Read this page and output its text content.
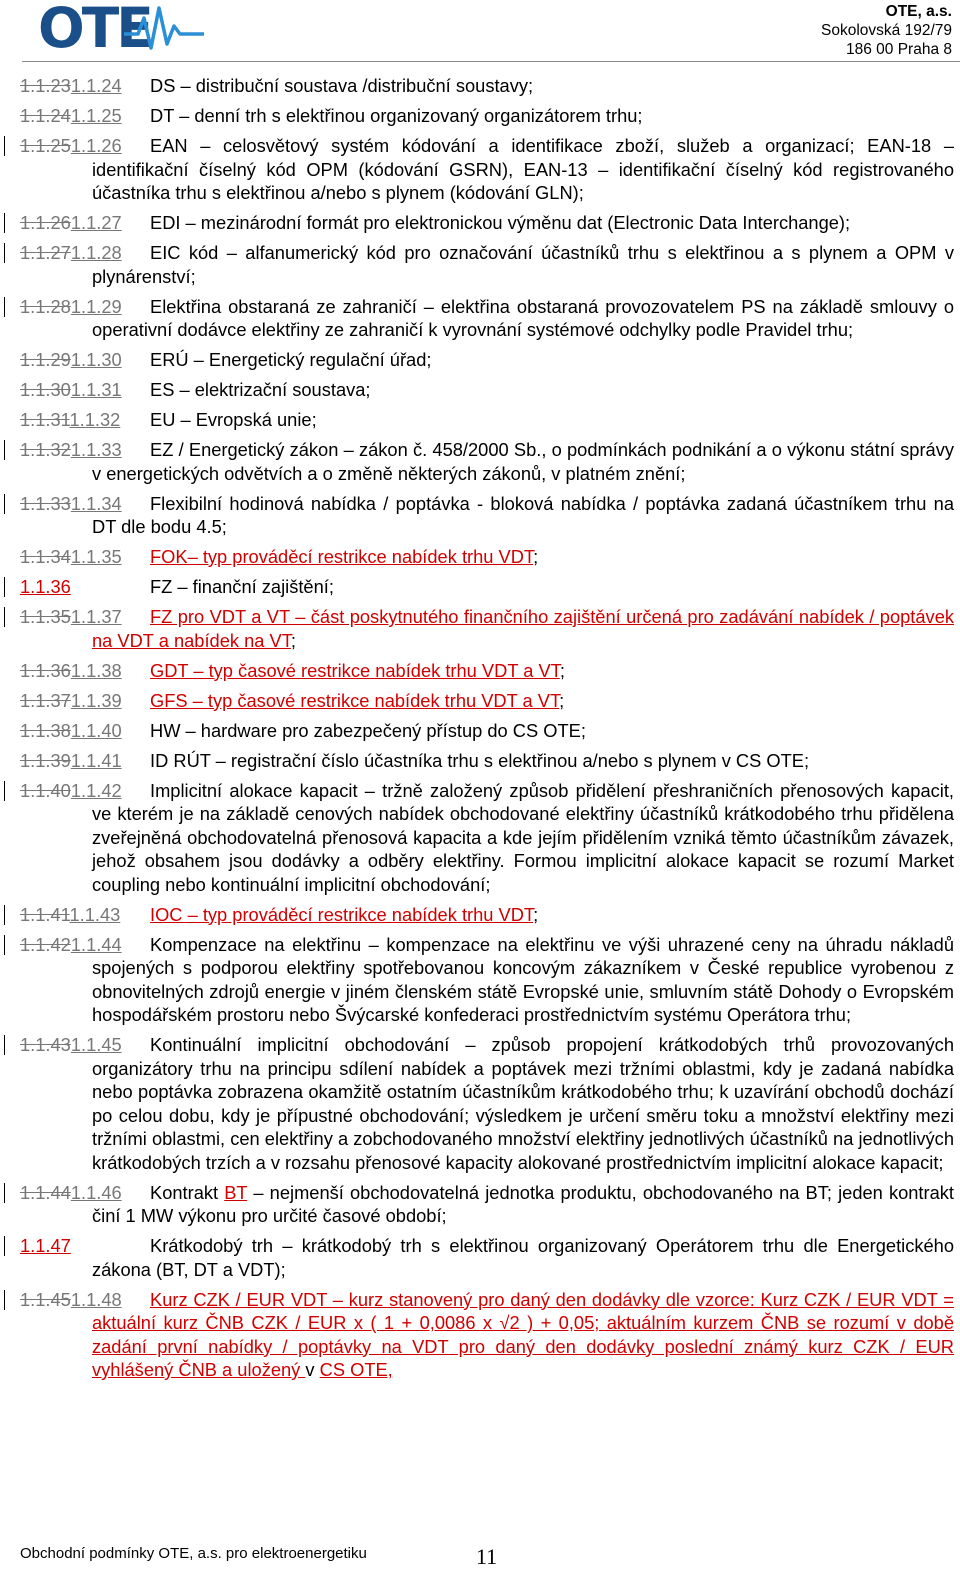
OTE	OTE, a.s.
Sokolovská 192/79
186 00 Praha 8
1.1.231.1.24 DS – distribuční soustava /distribuční soustavy;
1.1.241.1.25 DT – denní trh s elektřinou organizovaný organizátorem trhu;
1.1.251.1.26 EAN – celosvětový systém kódování a identifikace zboží, služeb a organizací; EAN-18 – identifikační číselný kód OPM (kódování GSRN), EAN-13 – identifikační číselný kód registrovaného účastníka trhu s elektřinou a/nebo s plynem (kódování GLN);
1.1.261.1.27 EDI – mezinárodní formát pro elektronickou výměnu dat (Electronic Data Interchange);
1.1.271.1.28 EIC kód – alfanumerický kód pro označování účastníků trhu s elektřinou a s plynem a OPM v plynárenství;
1.1.281.1.29 Elektřina obstaraná ze zahraničí – elektřina obstaraná provozovatelem PS na základě smlouvy o operativní dodávce elektřiny ze zahraničí k vyrovnání systémové odchylky podle Pravidel trhu;
1.1.291.1.30 ERÚ – Energetický regulační úřad;
1.1.301.1.31 ES – elektrizační soustava;
1.1.311.1.32 EU – Evropská unie;
1.1.321.1.33 EZ / Energetický zákon – zákon č. 458/2000 Sb., o podmínkách podnikání a o výkonu státní správy v energetických odvětvích a o změně některých zákonů, v platném znění;
1.1.331.1.34 Flexibilní hodinová nabídka / poptávka - bloková nabídka / poptávka zadaná účastníkem trhu na DT dle bodu 4.5;
1.1.341.1.35 FOK– typ prováděcí restrikce nabídek trhu VDT;
1.1.36	FZ – finanční zajištění;
1.1.351.1.37 FZ pro VDT a VT – část poskytnutého finančního zajištění určená pro zadávání nabídek / poptávek na VDT a nabídek na VT;
1.1.361.1.38 GDT – typ časové restrikce nabídek trhu VDT a VT;
1.1.371.1.39 GFS – typ časové restrikce nabídek trhu VDT a VT;
1.1.381.1.40 HW – hardware pro zabezpečený přístup do CS OTE;
1.1.391.1.41 ID RÚT – registrační číslo účastníka trhu s elektřinou a/nebo s plynem v CS OTE;
1.1.401.1.42 Implicitní alokace kapacit – tržně založený způsob přidělení přeshraničních přenosových kapacit, ve kterém je na základě cenových nabídek obchodované elektřiny účastníků krátkodobého trhu přidělena zveřejněná obchodovatelná přenosová kapacita a kde jejím přidělením vzniká těmto účastníkům závazek, jehož obsahem jsou dodávky a odběry elektřiny. Formou implicitní alokace kapacit se rozumí Market coupling nebo kontinuální implicitní obchodování;
1.1.411.1.43 IOC – typ prováděcí restrikce nabídek trhu VDT;
1.1.421.1.44 Kompenzace na elektřinu – kompenzace na elektřinu ve výši uhrazené ceny na úhradu nákladů spojených s podporou elektřiny spotřebovanou koncovým zákazníkem v České republice vyrobenou z obnovitelných zdrojů energie v jiném členském státě Evropské unie, smluvním státě Dohody o Evropském hospodářském prostoru nebo Švýcarské konfederaci prostřednictvím systému Operátora trhu;
1.1.431.1.45 Kontinuální implicitní obchodování – způsob propojení krátkodobých trhů provozovaných organizátory trhu na principu sdílení nabídek a poptávek mezi tržními oblastmi, kdy je zadaná nabídka nebo poptávka zobrazena okamžitě ostatním účastníkům krátkodobého trhu; k uzavírání obchodů dochází po celou dobu, kdy je přípustné obchodování; výsledkem je určení směru toku a množství elektřiny mezi tržními oblastmi, cen elektřiny a zobchodovaného množství elektřiny jednotlivých účastníků na jednotlivých krátkodobých trzích a v rozsahu přenosové kapacity alokované prostřednictvím implicitní alokace kapacit;
1.1.441.1.46 Kontrakt BT – nejmenší obchodovatelná jednotka produktu, obchodovaného na BT; jeden kontrakt činí 1 MW výkonu pro určité časové období;
1.1.47	Krátkodobý trh – krátkodobý trh s elektřinou organizovaný Operátorem trhu dle Energetického zákona (BT, DT a VDT);
1.1.451.1.48 Kurz CZK / EUR VDT – kurz stanovený pro daný den dodávky dle vzorce: Kurz CZK / EUR VDT = aktuální kurz ČNB CZK / EUR x ( 1 + 0,0086 x √2 ) + 0,05; aktuálním kurzem ČNB se rozumí v době zadání první nabídky / poptávky na VDT pro daný den dodávky poslední známý kurz CZK / EUR vyhlášený ČNB a uložený v CS OTE,
Obchodní podmínky OTE, a.s. pro elektroenergetiku	11
